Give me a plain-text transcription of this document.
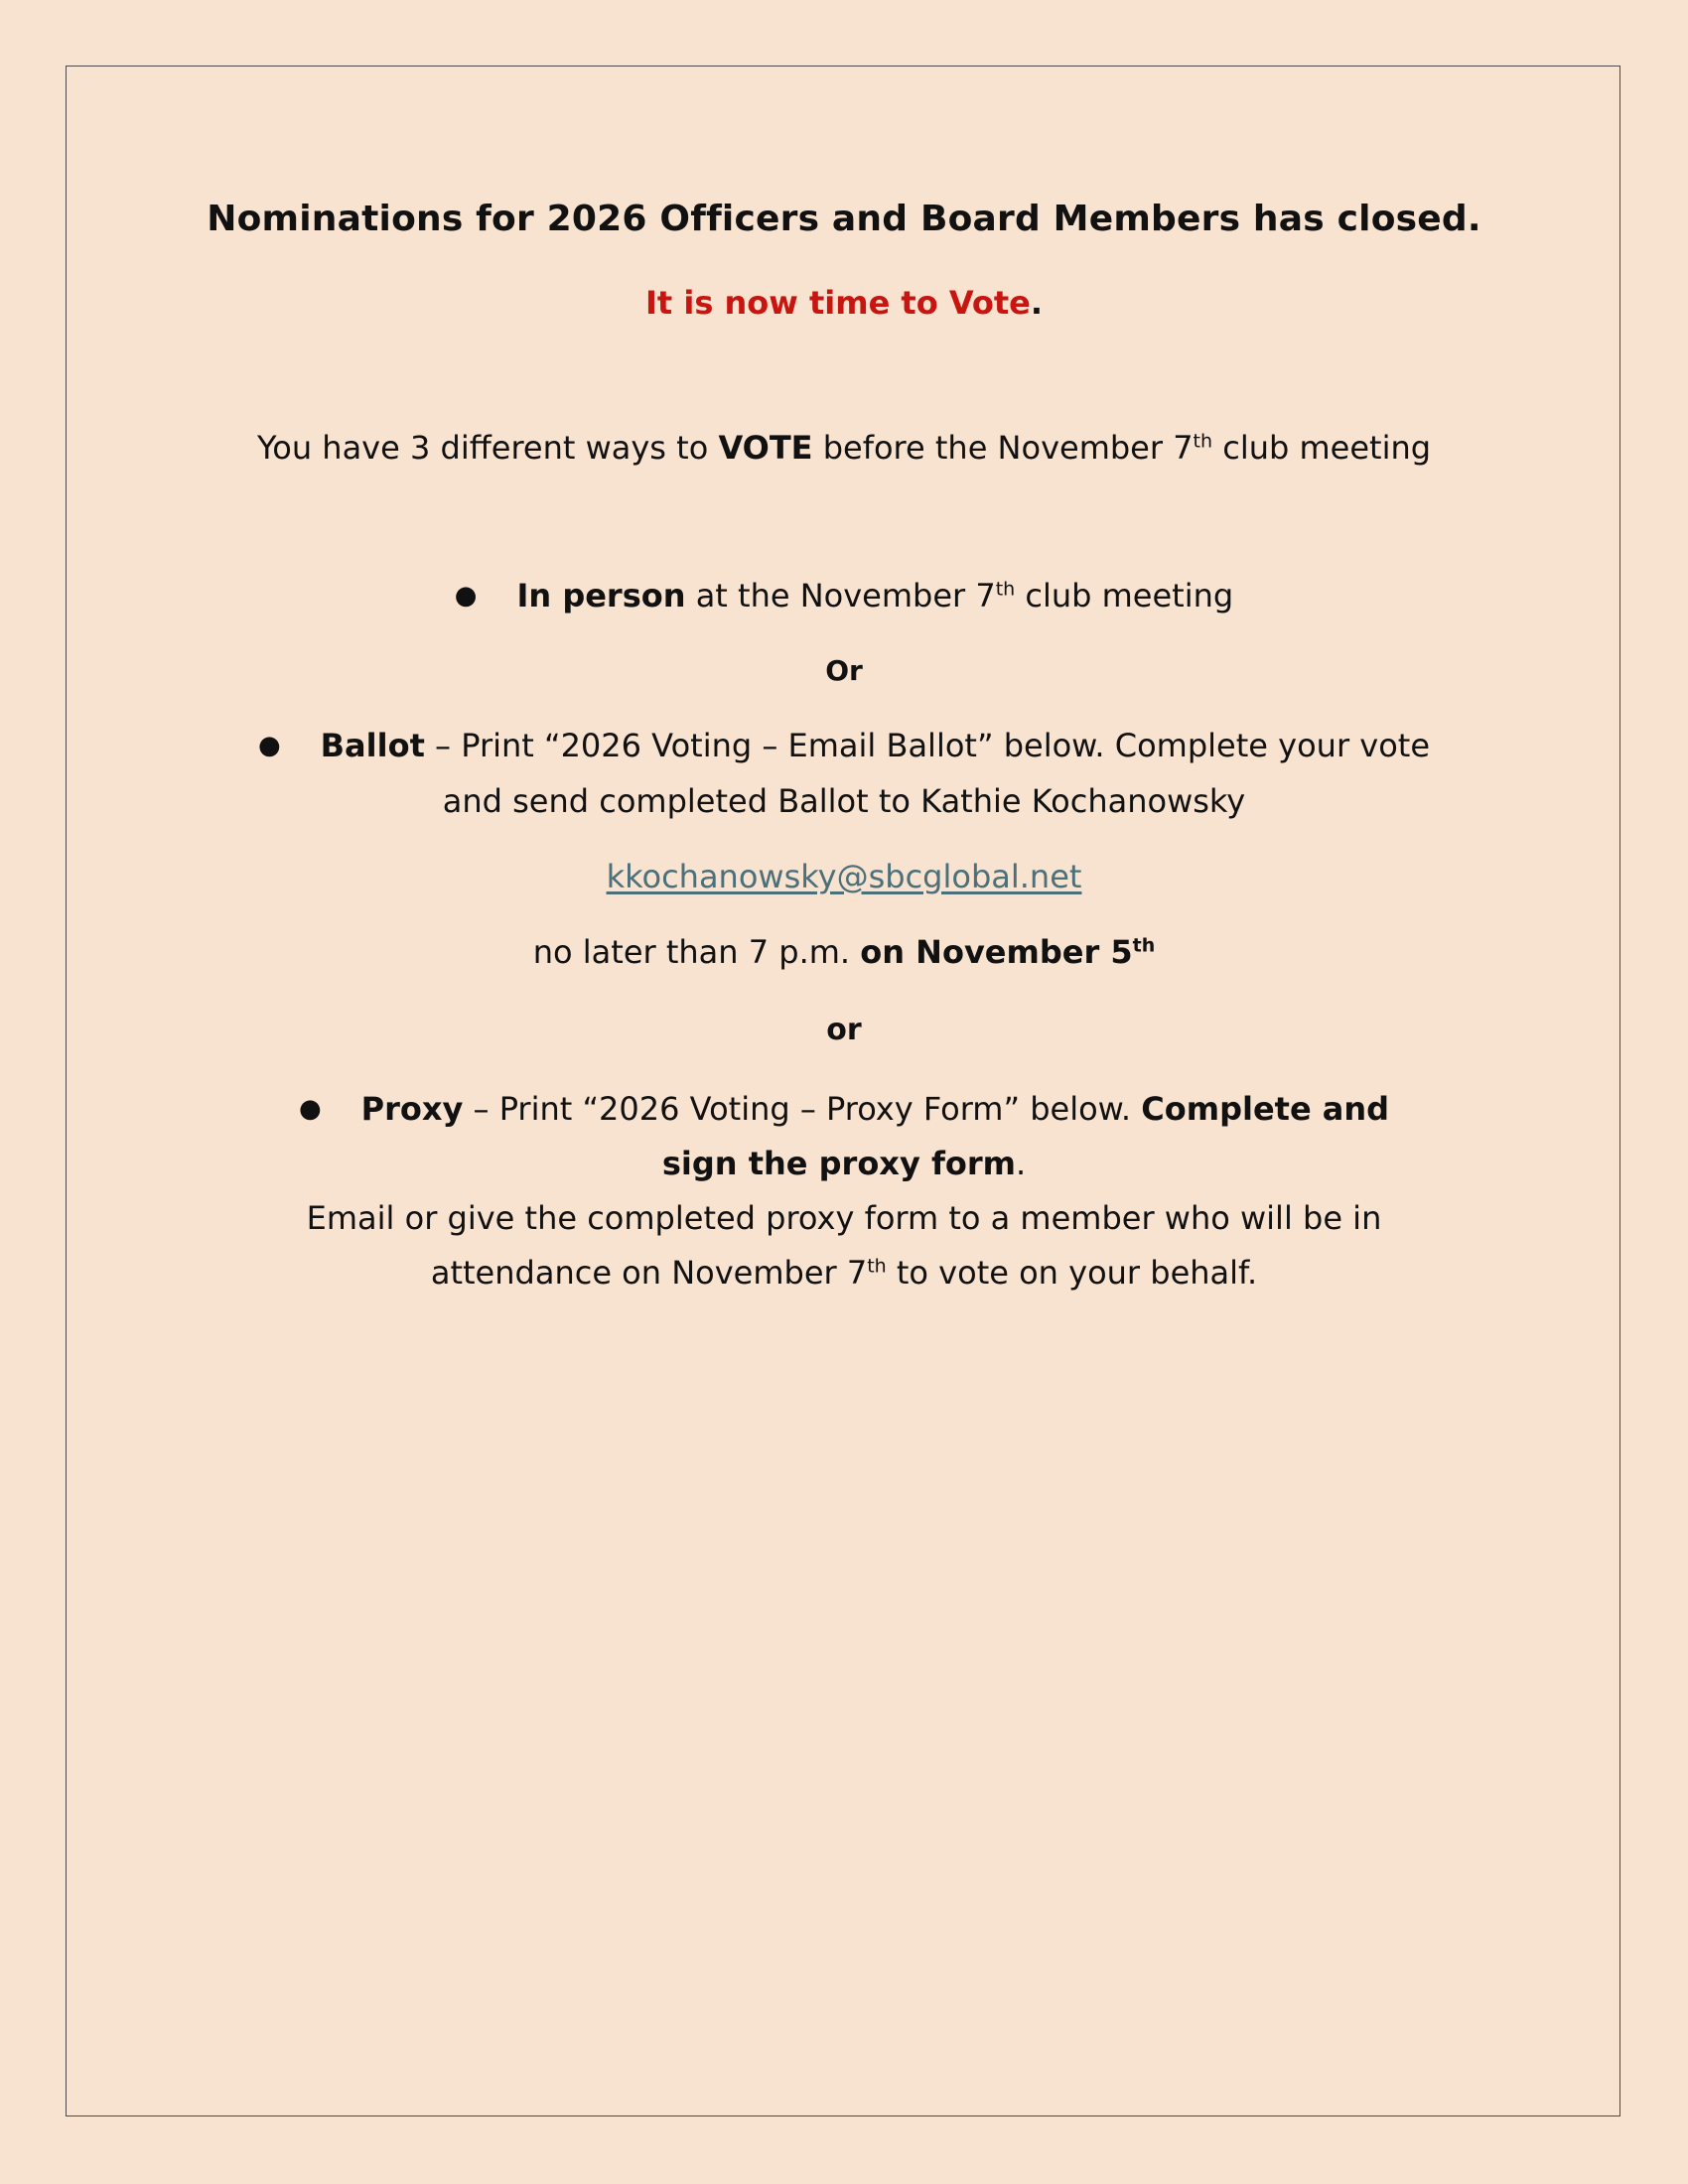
Nominations for 2026 Officers and Board Members has closed.
It is now time to Vote.
You have 3 different ways to VOTE before the November 7th club meeting
● In person at the November 7th club meeting
Or
● Ballot – Print “2026 Voting – Email Ballot” below. Complete your vote
and send completed Ballot to Kathie Kochanowsky
kkochanowsky@sbcglobal.net
no later than 7 p.m. on November 5th
or
● Proxy – Print “2026 Voting – Proxy Form” below. Complete and
sign the proxy form.
Email or give the completed proxy form to a member who will be in
attendance on November 7th to vote on your behalf.
